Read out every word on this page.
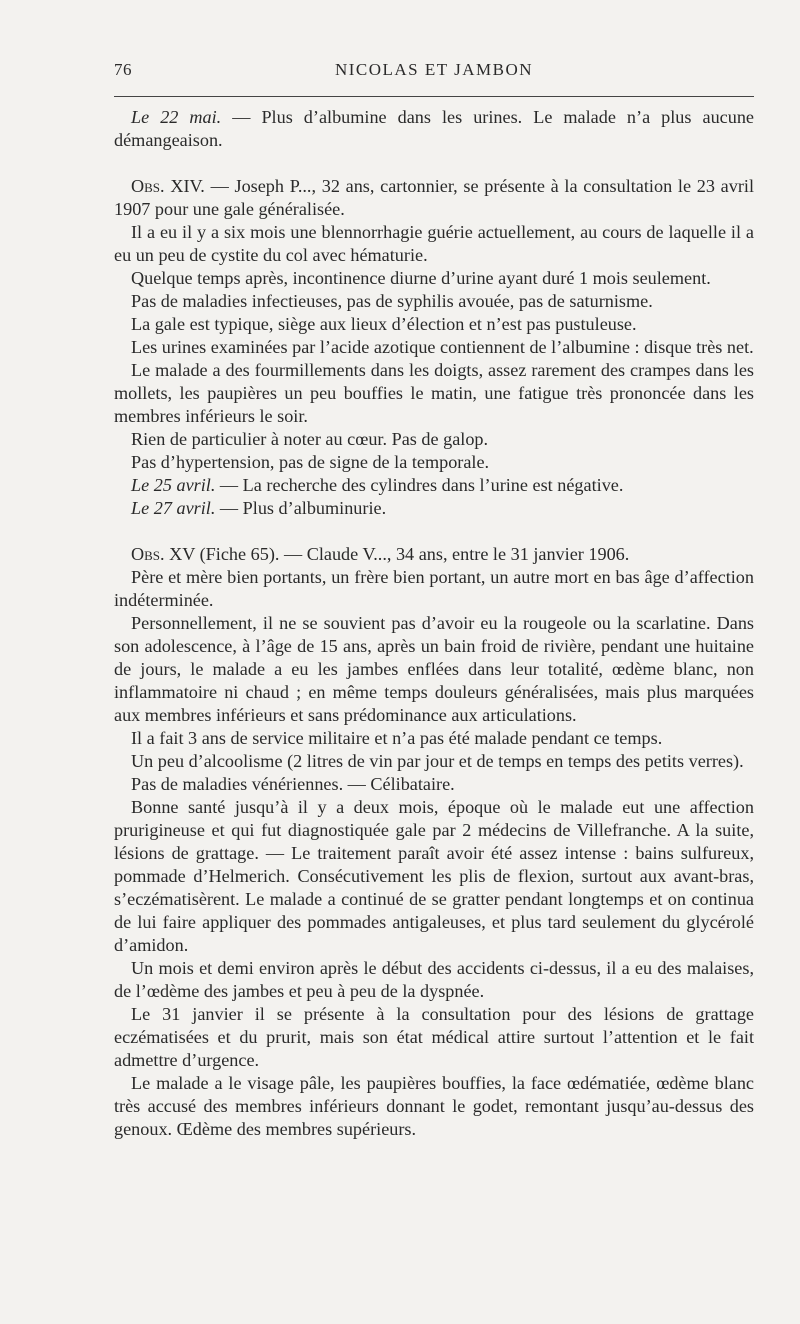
76	NICOLAS ET JAMBON

Le 22 mai. — Plus d’albumine dans les urines. Le malade n’a plus aucune démangeaison.

Obs. XIV. — Joseph P..., 32 ans, cartonnier, se présente à la consultation le 23 avril 1907 pour une gale généralisée.

Il a eu il y a six mois une blennorrhagie guérie actuellement, au cours de laquelle il a eu un peu de cystite du col avec hématurie.

Quelque temps après, incontinence diurne d’urine ayant duré 1 mois seulement.

Pas de maladies infectieuses, pas de syphilis avouée, pas de saturnisme.

La gale est typique, siège aux lieux d’élection et n’est pas pustuleuse.

Les urines examinées par l’acide azotique contiennent de l’albumine : disque très net.

Le malade a des fourmillements dans les doigts, assez rarement des crampes dans les mollets, les paupières un peu bouffies le matin, une fatigue très prononcée dans les membres inférieurs le soir.

Rien de particulier à noter au cœur. Pas de galop.

Pas d’hypertension, pas de signe de la temporale.

Le 25 avril. — La recherche des cylindres dans l’urine est négative.

Le 27 avril. — Plus d’albuminurie.

Obs. XV (Fiche 65). — Claude V..., 34 ans, entre le 31 janvier 1906.

Père et mère bien portants, un frère bien portant, un autre mort en bas âge d’affection indéterminée.

Personnellement, il ne se souvient pas d’avoir eu la rougeole ou la scarlatine. Dans son adolescence, à l’âge de 15 ans, après un bain froid de rivière, pendant une huitaine de jours, le malade a eu les jambes enflées dans leur totalité, œdème blanc, non inflammatoire ni chaud ; en même temps douleurs généralisées, mais plus marquées aux membres inférieurs et sans prédominance aux articulations.

Il a fait 3 ans de service militaire et n’a pas été malade pendant ce temps.

Un peu d’alcoolisme (2 litres de vin par jour et de temps en temps des petits verres).

Pas de maladies vénériennes. — Célibataire.

Bonne santé jusqu’à il y a deux mois, époque où le malade eut une affection prurigineuse et qui fut diagnostiquée gale par 2 médecins de Villefranche. A la suite, lésions de grattage. — Le traitement paraît avoir été assez intense : bains sulfureux, pommade d’Helmerich. Consécutivement les plis de flexion, surtout aux avant-bras, s’eczématisèrent. Le malade a continué de se gratter pendant longtemps et on continua de lui faire appliquer des pommades antigaleuses, et plus tard seulement du glycérolé d’amidon.

Un mois et demi environ après le début des accidents ci-dessus, il a eu des malaises, de l’œdème des jambes et peu à peu de la dyspnée.

Le 31 janvier il se présente à la consultation pour des lésions de grattage eczématisées et du prurit, mais son état médical attire surtout l’attention et le fait admettre d’urgence.

Le malade a le visage pâle, les paupières bouffies, la face œdématiée, œdème blanc très accusé des membres inférieurs donnant le godet, remontant jusqu’au-dessus des genoux. Œdème des membres supérieurs.
